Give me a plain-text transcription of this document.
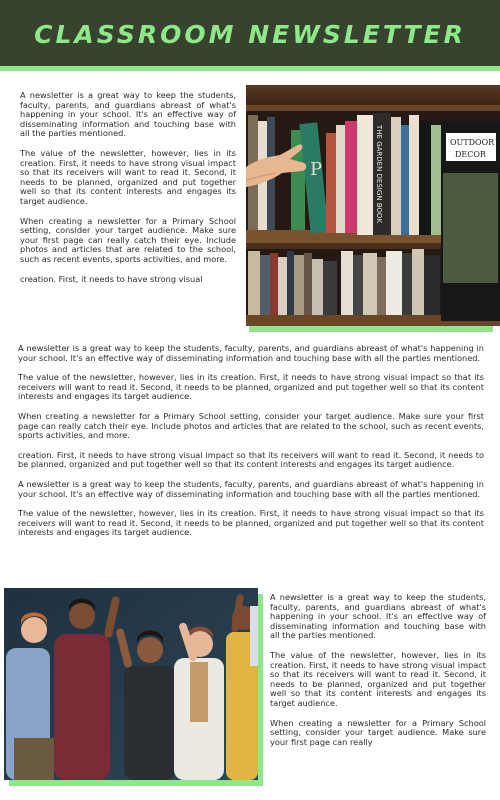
CLASSROOM NEWSLETTER

A newsletter is a great way to keep the students, faculty, parents, and guardians abreast of what's happening in your school. It's an effective way of disseminating information and touching base with all the parties mentioned.

The value of the newsletter, however, lies in its creation. First, it needs to have strong visual impact so that its receivers will want to read it. Second, it needs to be planned, organized and put together well so that its content interests and engages its target audience.

When creating a newsletter for a Primary School setting, consider your target audience. Make sure your first page can really catch their eye. Include photos and articles that are related to the school, such as recent events, sports activities, and more.

creation. First, it needs to have strong visual

P	THE GARDEN DESIGN BOOK	OUTDOOR
DECOR

A newsletter is a great way to keep the students, faculty, parents, and guardians abreast of what's happening in your school. It's an effective way of disseminating information and touching base with all the parties mentioned.

The value of the newsletter, however, lies in its creation. First, it needs to have strong visual impact so that its receivers will want to read it. Second, it needs to be planned, organized and put together well so that its content interests and engages its target audience.

When creating a newsletter for a Primary School setting, consider your target audience. Make sure your first page can really catch their eye. Include photos and articles that are related to the school, such as recent events, sports activities, and more.

creation. First, it needs to have strong visual impact so that its receivers will want to read it. Second, it needs to be planned, organized and put together well so that its content interests and engages its target audience.

A newsletter is a great way to keep the students, faculty, parents, and guardians abreast of what's happening in your school. It's an effective way of disseminating information and touching base with all the parties mentioned.

The value of the newsletter, however, lies in its creation. First, it needs to have strong visual impact so that its receivers will want to read it. Second, it needs to be planned, organized and put together well so that its content interests and engages its target audience.

A newsletter is a great way to keep the students, faculty, parents, and guardians abreast of what's happening in your school. It's an effective way of disseminating information and touching base with all the parties mentioned.

The value of the newsletter, however, lies in its creation. First, it needs to have strong visual impact so that its receivers will want to read it. Second, it needs to be planned, organized and put together well so that its content interests and engages its target audience.

When creating a newsletter for a Primary School setting, consider your target audience. Make sure your first page can really
